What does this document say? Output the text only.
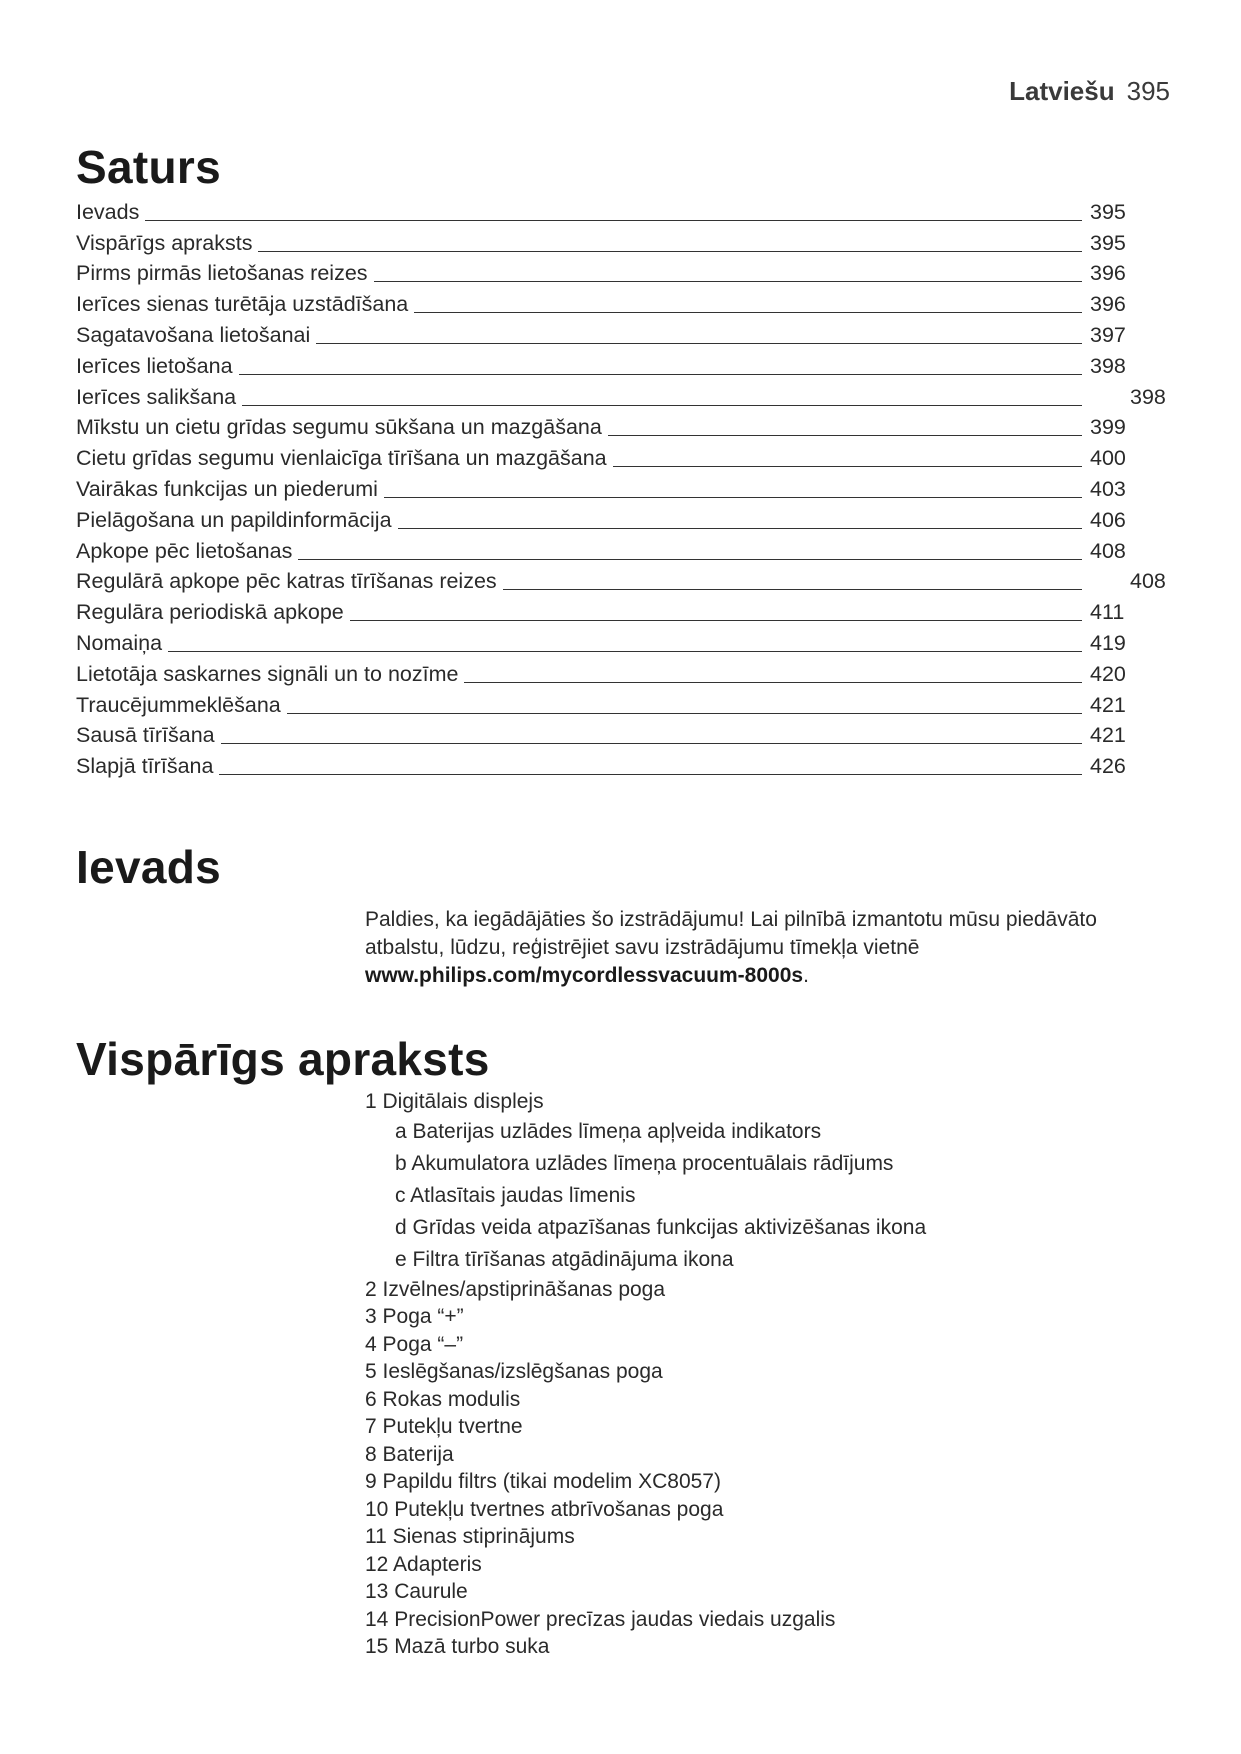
Latviešu 395
Saturs
Ievads	395
Vispārīgs apraksts	395
Pirms pirmās lietošanas reizes	396
Ierīces sienas turētāja uzstādīšana	396
Sagatavošana lietošanai	397
Ierīces lietošana	398
Ierīces salikšana	398
Mīkstu un cietu grīdas segumu sūkšana un mazgāšana	399
Cietu grīdas segumu vienlaicīga tīrīšana un mazgāšana	400
Vairākas funkcijas un piederumi	403
Pielāgošana un papildinformācija	406
Apkope pēc lietošanas	408
Regulārā apkope pēc katras tīrīšanas reizes	408
Regulāra periodiskā apkope	411
Nomaiņa	419
Lietotāja saskarnes signāli un to nozīme	420
Traucējummeklēšana	421
Sausā tīrīšana	421
Slapjā tīrīšana	426
Ievads
Paldies, ka iegādājāties šo izstrādājumu! Lai pilnībā izmantotu mūsu piedāvāto atbalstu, lūdzu, reģistrējiet savu izstrādājumu tīmekļa vietnē
www.philips.com/mycordlessvacuum-8000s.
Vispārīgs apraksts
1 Digitālais displejs
a Baterijas uzlādes līmeņa apļveida indikators
b Akumulatora uzlādes līmeņa procentuālais rādījums
c Atlasītais jaudas līmenis
d Grīdas veida atpazīšanas funkcijas aktivizēšanas ikona
e Filtra tīrīšanas atgādinājuma ikona
2 Izvēlnes/apstiprināšanas poga
3 Poga “+”
4 Poga “–”
5 Ieslēgšanas/izslēgšanas poga
6 Rokas modulis
7 Putekļu tvertne
8 Baterija
9 Papildu filtrs (tikai modelim XC8057)
10 Putekļu tvertnes atbrīvošanas poga
11 Sienas stiprinājums
12 Adapteris
13 Caurule
14 PrecisionPower precīzas jaudas viedais uzgalis
15 Mazā turbo suka
